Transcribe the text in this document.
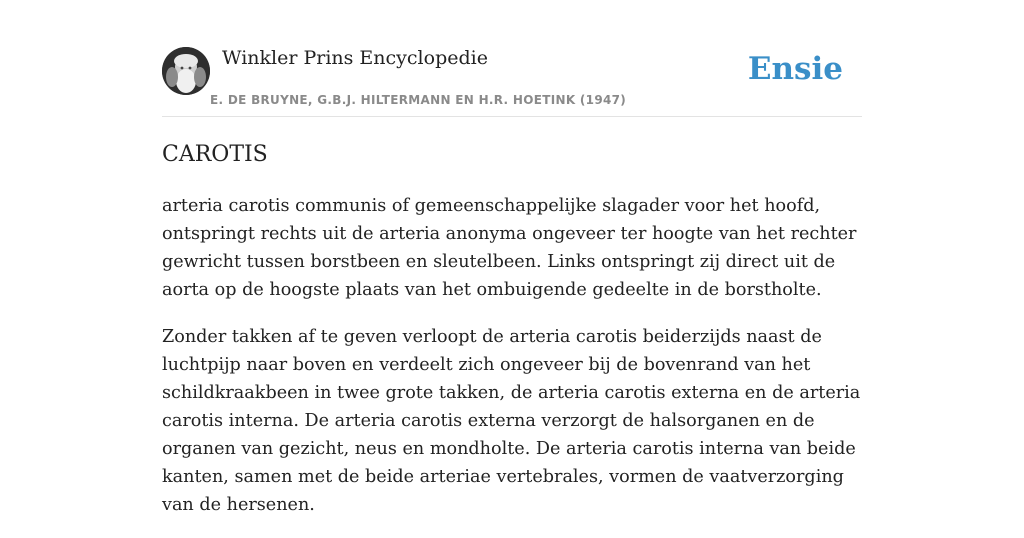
Winkler Prins Encyclopedie
E. DE BRUYNE, G.B.J. HILTERMANN EN H.R. HOETINK (1947)
Ensie
CAROTIS

arteria carotis communis of gemeenschappelijke slagader voor het hoofd, ontspringt rechts uit de arteria anonyma ongeveer ter hoogte van het rechter gewricht tussen borstbeen en sleutelbeen. Links ontspringt zij direct uit de aorta op de hoogste plaats van het ombuigende gedeelte in de borstholte.

Zonder takken af te geven verloopt de arteria carotis beiderzijds naast de luchtpijp naar boven en verdeelt zich ongeveer bij de bovenrand van het schildkraakbeen in twee grote takken, de arteria carotis externa en de arteria carotis interna. De arteria carotis externa verzorgt de halsorganen en de organen van gezicht, neus en mondholte. De arteria carotis interna van beide kanten, samen met de beide arteriae vertebrales, vormen de vaatverzorging van de hersenen.
